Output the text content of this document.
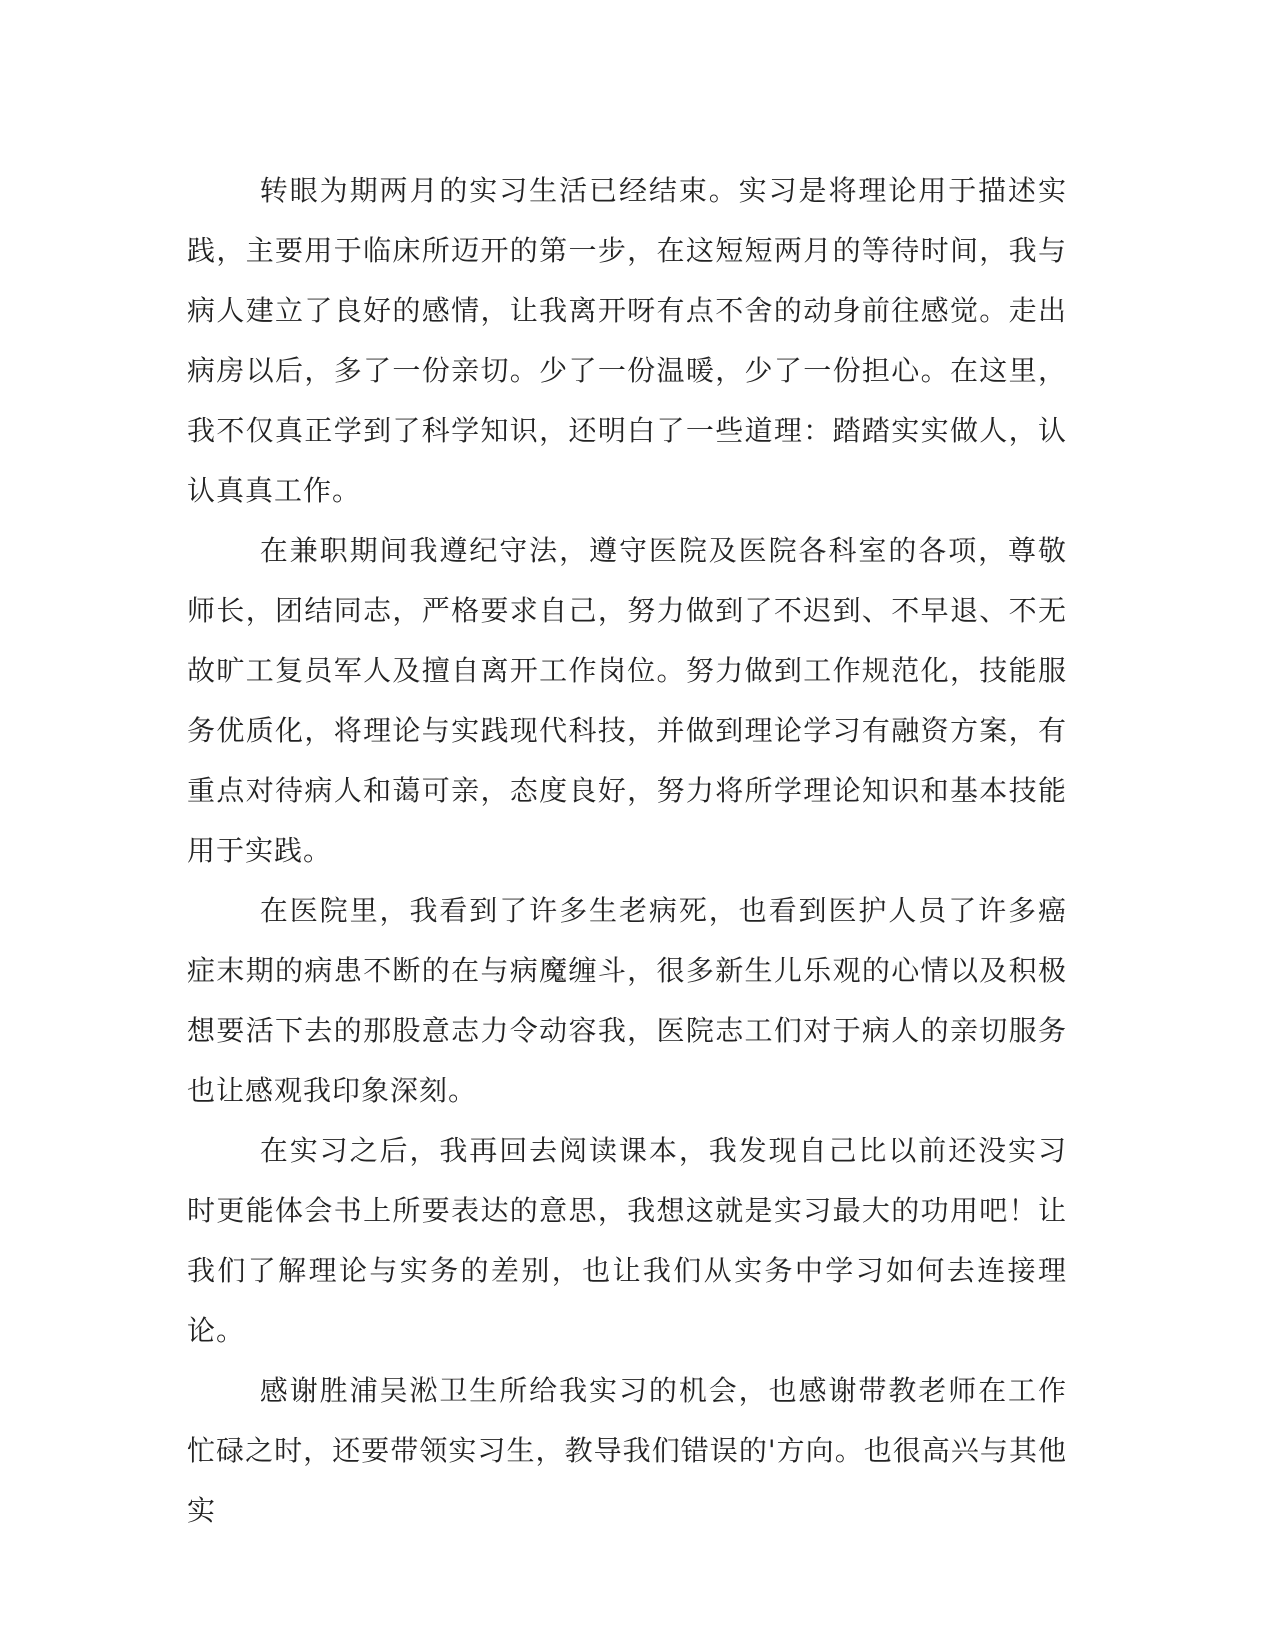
转眼为期两月的实习生活已经结束。实习是将理论用于描述实践，主要用于临床所迈开的第一步，在这短短两月的等待时间，我与病人建立了良好的感情，让我离开呀有点不舍的动身前往感觉。走出病房以后，多了一份亲切。少了一份温暖，少了一份担心。在这里，我不仅真正学到了科学知识，还明白了一些道理：踏踏实实做人，认认真真工作。

在兼职期间我遵纪守法，遵守医院及医院各科室的各项，尊敬师长，团结同志，严格要求自己，努力做到了不迟到、不早退、不无故旷工复员军人及擅自离开工作岗位。努力做到工作规范化，技能服务优质化，将理论与实践现代科技，并做到理论学习有融资方案，有重点对待病人和蔼可亲，态度良好，努力将所学理论知识和基本技能用于实践。

在医院里，我看到了许多生老病死，也看到医护人员了许多癌症末期的病患不断的在与病魔缠斗，很多新生儿乐观的心情以及积极想要活下去的那股意志力令动容我，医院志工们对于病人的亲切服务也让感观我印象深刻。

在实习之后，我再回去阅读课本，我发现自己比以前还没实习时更能体会书上所要表达的意思，我想这就是实习最大的功用吧！让我们了解理论与实务的差别，也让我们从实务中学习如何去连接理论。

感谢胜浦吴淞卫生所给我实习的机会，也感谢带教老师在工作忙碌之时，还要带领实习生，教导我们错误的'方向。也很高兴与其他实
